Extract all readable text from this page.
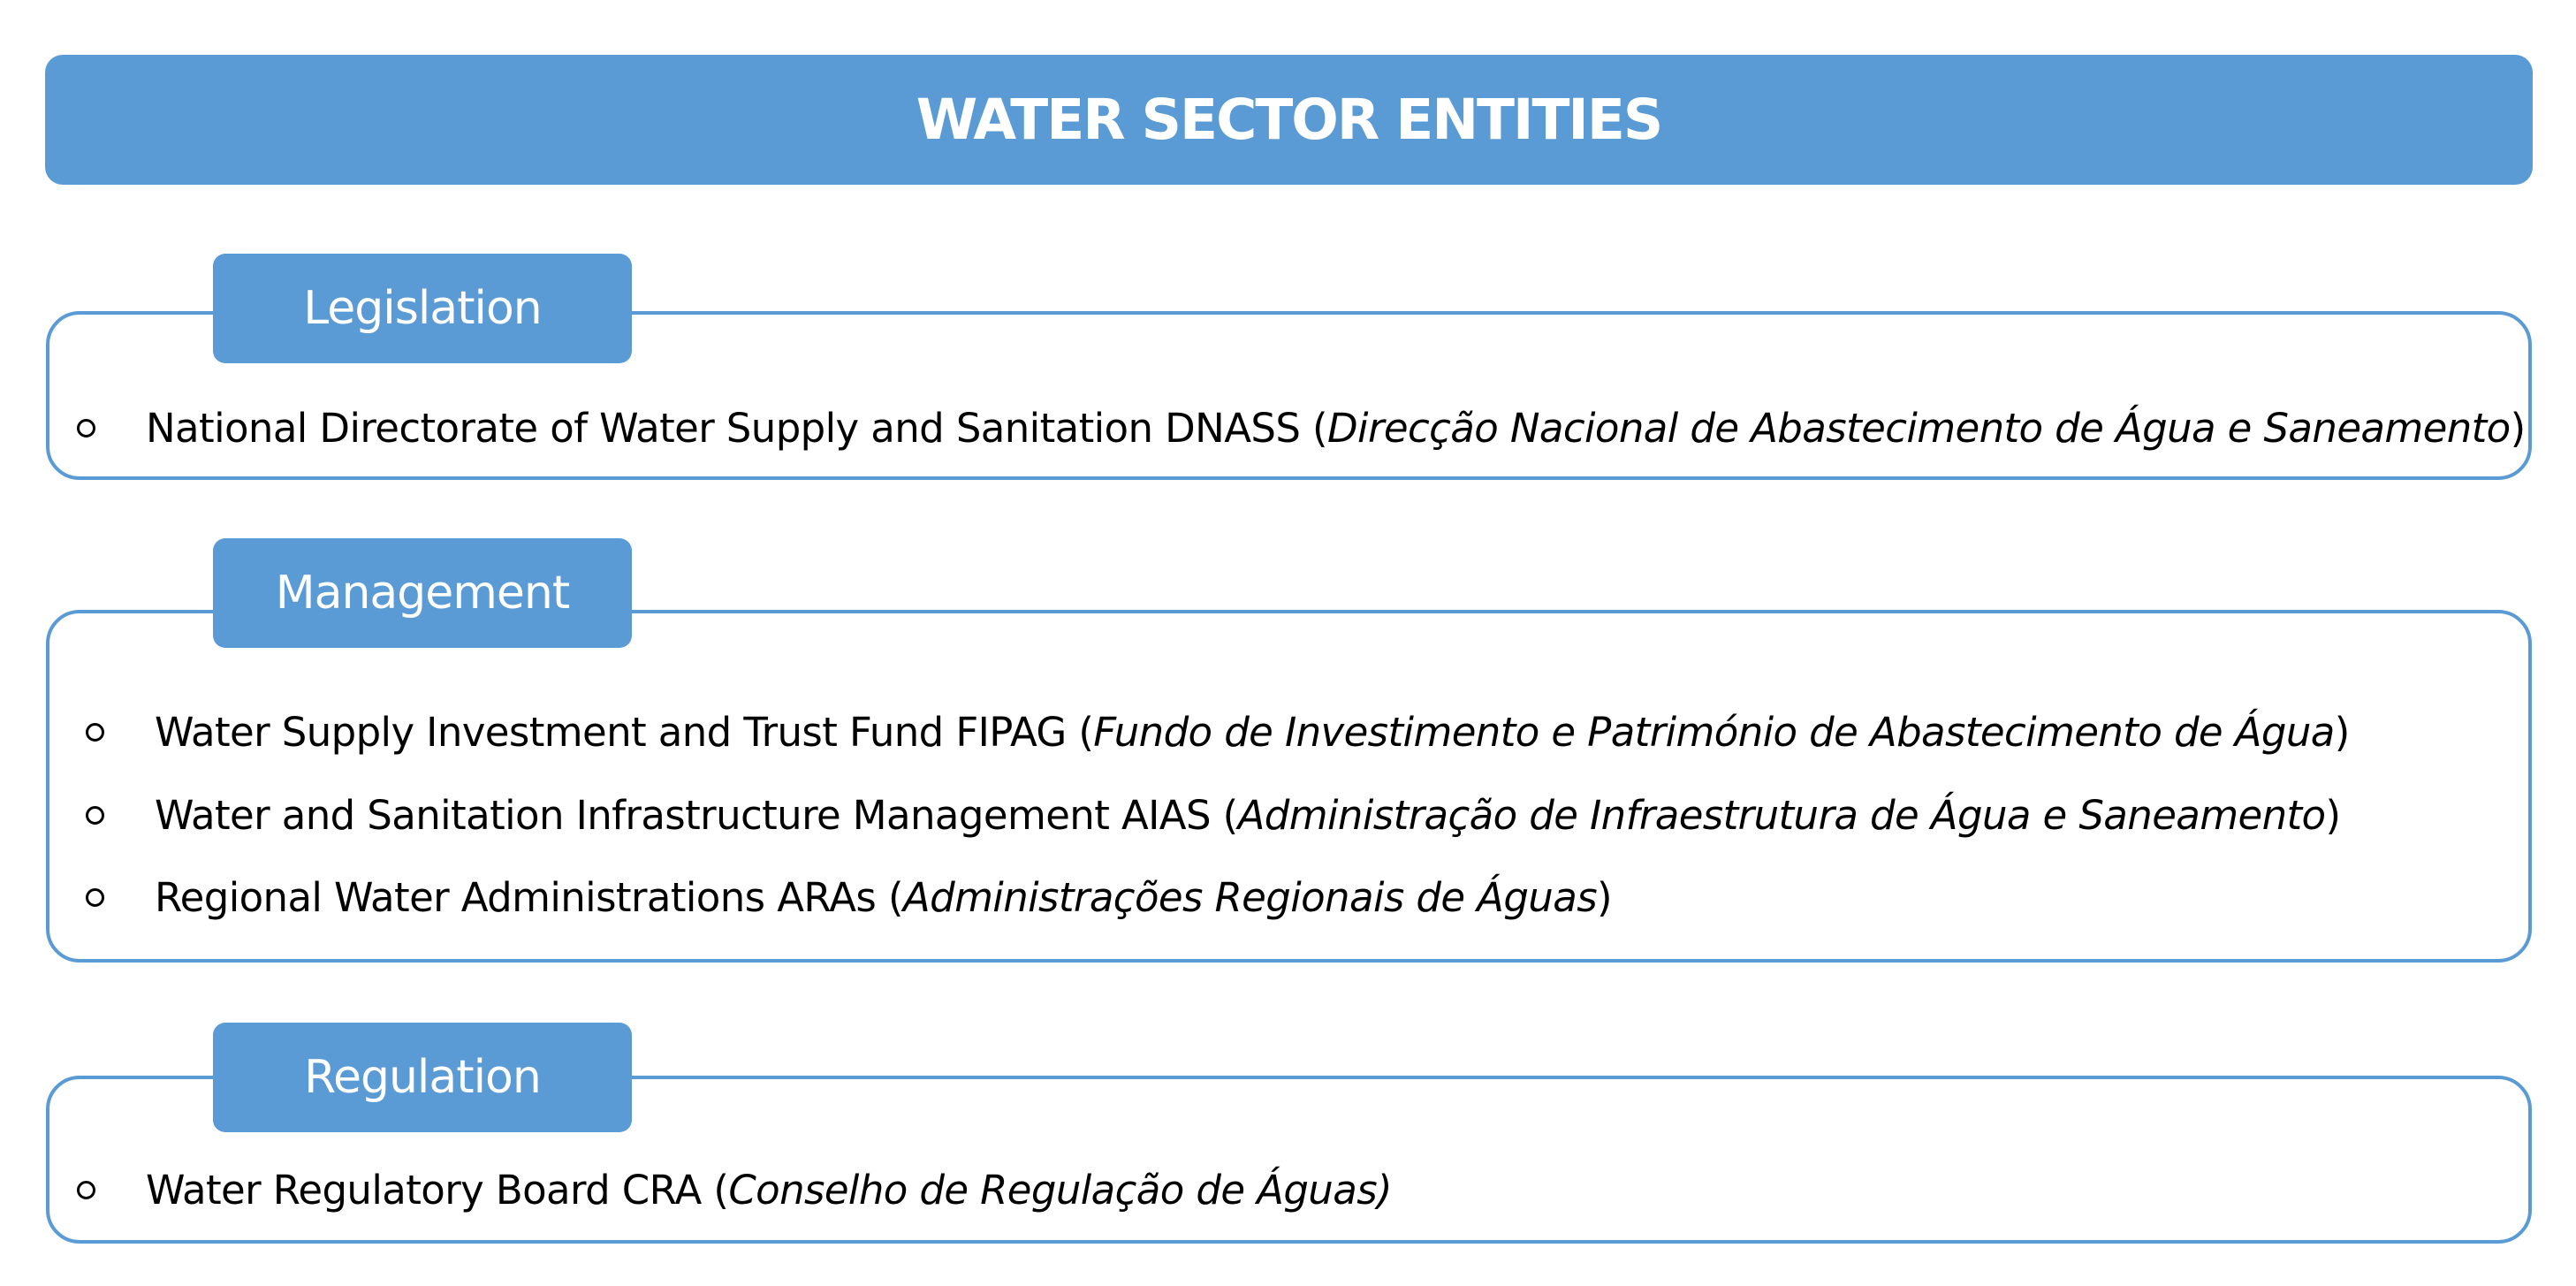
WATER SECTOR ENTITIES
Legislation
National Directorate of Water Supply and Sanitation DNASS ( Direcção Nacional de Abastecimento de Água e Saneamento )
Management
Water Supply Investment and Trust Fund FIPAG ( Fundo de Investimento e Património de Abastecimento de Água )
Water and Sanitation Infrastructure Management AIAS ( Administração de Infraestrutura de Água e Saneamento )
Regional Water Administrations ARAs ( Administrações Regionais de Águas )
Regulation
Water Regulatory Board CRA ( Conselho de Regulação de Águas)
